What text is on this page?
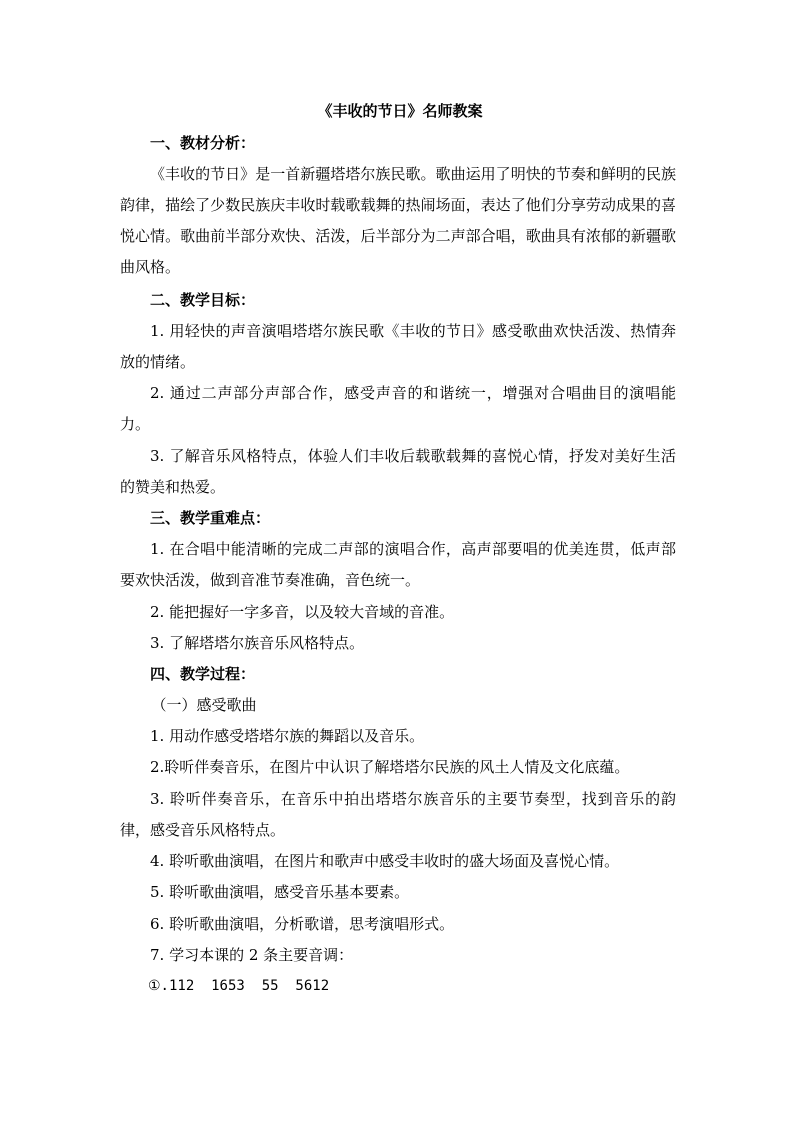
《丰收的节日》名师教案
一、教材分析：
《丰收的节日》是一首新疆塔塔尔族民歌。歌曲运用了明快的节奏和鲜明的民族韵律，描绘了少数民族庆丰收时载歌载舞的热闹场面，表达了他们分享劳动成果的喜悦心情。歌曲前半部分欢快、活泼，后半部分为二声部合唱，歌曲具有浓郁的新疆歌曲风格。
二、教学目标：
1. 用轻快的声音演唱塔塔尔族民歌《丰收的节日》感受歌曲欢快活泼、热情奔放的情绪。
2. 通过二声部分声部合作，感受声音的和谐统一，增强对合唱曲目的演唱能力。
3. 了解音乐风格特点，体验人们丰收后载歌载舞的喜悦心情，抒发对美好生活的赞美和热爱。
三、教学重难点：
1. 在合唱中能清晰的完成二声部的演唱合作，高声部要唱的优美连贯，低声部要欢快活泼，做到音准节奏准确，音色统一。
2. 能把握好一字多音，以及较大音域的音准。
3. 了解塔塔尔族音乐风格特点。
四、教学过程：
（一）感受歌曲
1. 用动作感受塔塔尔族的舞蹈以及音乐。
2.聆听伴奏音乐，在图片中认识了解塔塔尔民族的风土人情及文化底蕴。
3. 聆听伴奏音乐，在音乐中拍出塔塔尔族音乐的主要节奏型，找到音乐的韵律，感受音乐风格特点。
4. 聆听歌曲演唱，在图片和歌声中感受丰收时的盛大场面及喜悦心情。
5. 聆听歌曲演唱，感受音乐基本要素。
6. 聆听歌曲演唱，分析歌谱，思考演唱形式。
7. 学习本课的 2 条主要音调：
①.112  1653  55  5612
